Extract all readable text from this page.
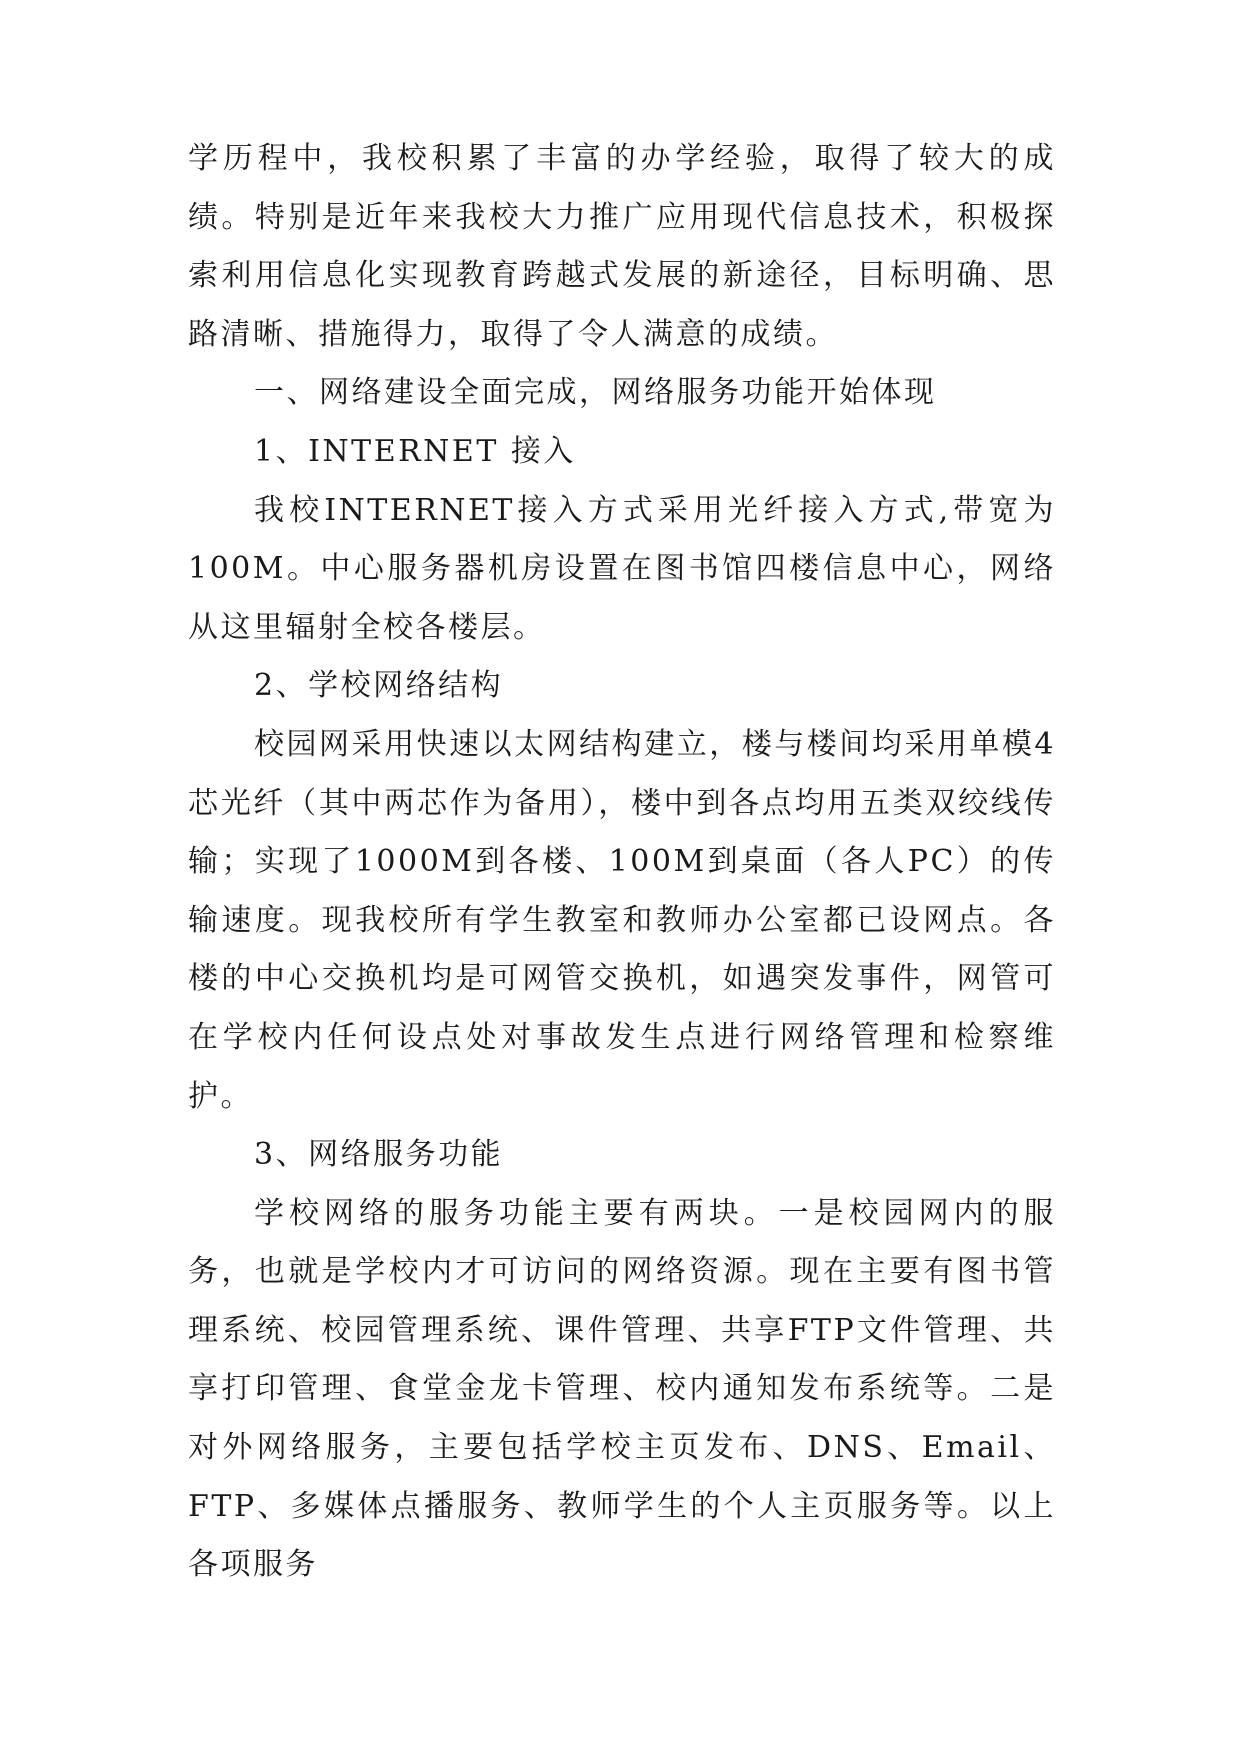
学历程中，我校积累了丰富的办学经验，取得了较大的成绩。特别是近年来我校大力推广应用现代信息技术，积极探索利用信息化实现教育跨越式发展的新途径，目标明确、思路清晰、措施得力，取得了令人满意的成绩。

一、网络建设全面完成，网络服务功能开始体现

1、INTERNET 接入

我校INTERNET接入方式采用光纤接入方式,带宽为100M。中心服务器机房设置在图书馆四楼信息中心，网络从这里辐射全校各楼层。

2、学校网络结构

校园网采用快速以太网结构建立，楼与楼间均采用单模4芯光纤（其中两芯作为备用），楼中到各点均用五类双绞线传输；实现了1000M到各楼、100M到桌面（各人PC）的传输速度。现我校所有学生教室和教师办公室都已设网点。各楼的中心交换机均是可网管交换机，如遇突发事件，网管可在学校内任何设点处对事故发生点进行网络管理和检察维护。

3、网络服务功能

学校网络的服务功能主要有两块。一是校园网内的服务，也就是学校内才可访问的网络资源。现在主要有图书管理系统、校园管理系统、课件管理、共享FTP文件管理、共享打印管理、食堂金龙卡管理、校内通知发布系统等。二是对外网络服务，主要包括学校主页发布、DNS、Email、FTP、多媒体点播服务、教师学生的个人主页服务等。以上各项服务
